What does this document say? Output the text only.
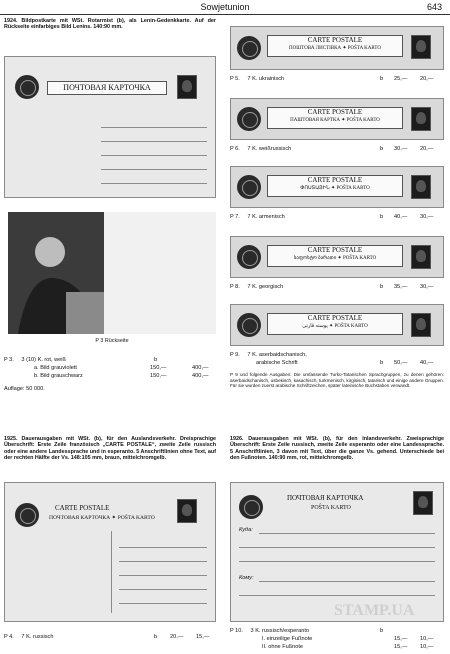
Sowjetunion	643
1924. Bildpostkarte mit WSt. Rotarmist (b), als Lenin-Gedenkkarte. Auf der Rückseite einfarbiges Bild Lenins. 140:90 mm.
ПОЧТОВАЯ КАРТОЧКА
P 3 Rückseite
P 3. 3 (10) K. rot, weiß	b
a. Bild grauviolett	150,—	400,—
b. Bild grauschwarz	150,—	400,—
Auflage: 50 000.
1925. Dauerausgaben mit WSt. (b), für den Auslandsverkehr. Dreisprachige Überschrift: Erste Zeile französisch „CARTE POSTALE“, zweite Zeile russisch oder eine andere Landessprache und in esperanto. 5 Anschriftlinien ohne Text, auf der rechten Hälfte der Vs. 148:105 mm, braun, mittelchromgelb.
CARTE POSTALE
ПОЧТОВАЯ КАРТОЧКА ✦ POŜTA KARTO
P 4. 7 K. russisch	b 20,— 15,—
CARTE POSTALE
ПОШТОВА ЛИСТIВКА ✦ POŜTA KARTO
P 5. 7 K. ukrainisch	b 25,— 20,—
CARTE POSTALE
ПАШТОВАЯ КАРТКА ✦ POŜTA KARTO
P 6. 7 K. weißrussisch	b 30,— 20,—
CARTE POSTALE
ՓՈՍՏԱՅԻՆ ✦ POŜTA KARTO
P 7. 7 K. armenisch	b 40,— 30,—
CARTE POSTALE
საფოსტო ბარათი ✦ POŜTA KARTO
P 8. 7 K. georgisch	b 35,— 30,—
CARTE POSTALE
پوسته قارتی ✦ POŜTA KARTO
P 9. 7 K. aserbaidschanisch,
arabische Schrift	b 50,— 40,—
P 9 und folgende Ausgaben: Die umfassende Turko-Tatarischen Sprachgruppen, zu denen gehören: aserbaidschanisch, usbekisch, kasachisch, turkmenisch, kirgisisch, tatarisch und einige andere Gruppen. Für sie wurden zuerst arabische Schriftzeichen, später lateinische Buchstaben verwandt.
1926. Dauerausgaben mit WSt. (b), für den Inlandsverkehr. Zweisprachige Überschrift: Erste Zeile russisch, zweite Zeile esperanto oder eine Landessprache. 5 Anschriftlinien, 3 davon mit Text, über die ganze Vs. gehend. Unterschiede bei den Fußnoten. 140:90 mm, rot, mittelchromgelb.
ПОЧТОВАЯ КАРТОЧКА
POŜTA KARTO
Куда:
Кому:
P 10. 3 K. russisch/esperanto	b
I. einzeilige Fußnote	15,— 10,—
II. ohne Fußnote	15,— 10,—
STAMP.UA
